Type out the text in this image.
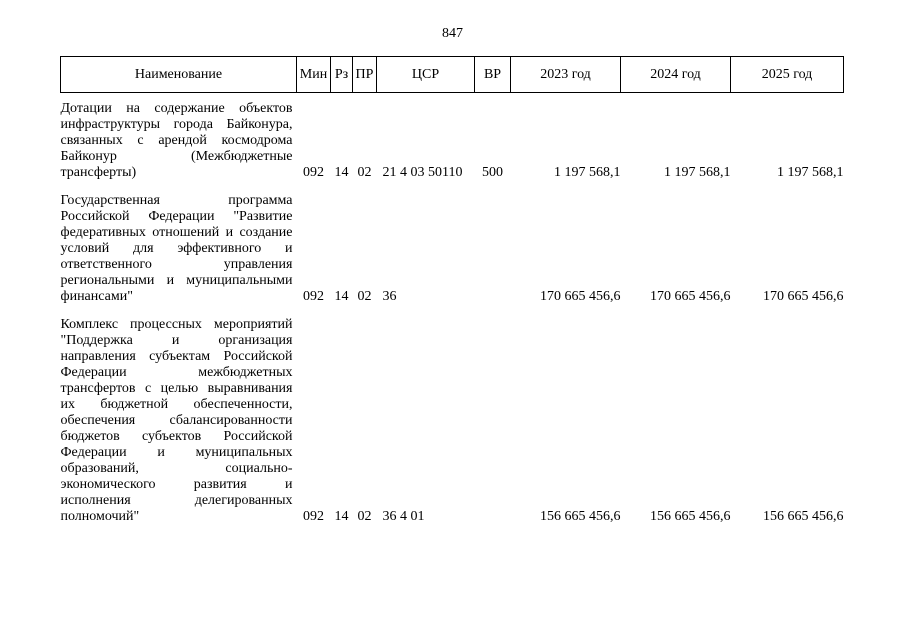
847
Наименование	Мин	Рз	ПР	ЦСР	ВР	2023 год	2024 год	2025 год
Дотации на содержание объектов инфраструктуры города Байконура, связанных с арендой космодрома Байконур (Межбюджетные трансферты)	092	14	02	21 4 03 50110	500	1 197 568,1	1 197 568,1	1 197 568,1

Государственная программа Российской Федерации "Развитие федеративных отношений и создание условий для эффективного и ответственного управления региональными и муниципальными финансами"	092	14	02	36		170 665 456,6	170 665 456,6	170 665 456,6

Комплекс процессных мероприятий "Поддержка и организация направления субъектам Российской Федерации межбюджетных трансфертов с целью выравнивания их бюджетной обеспеченности, обеспечения сбалансированности бюджетов субъектов Российской Федерации и муниципальных образований, социально-экономического развития и исполнения делегированных полномочий"	092	14	02	36 4 01		156 665 456,6	156 665 456,6	156 665 456,6
